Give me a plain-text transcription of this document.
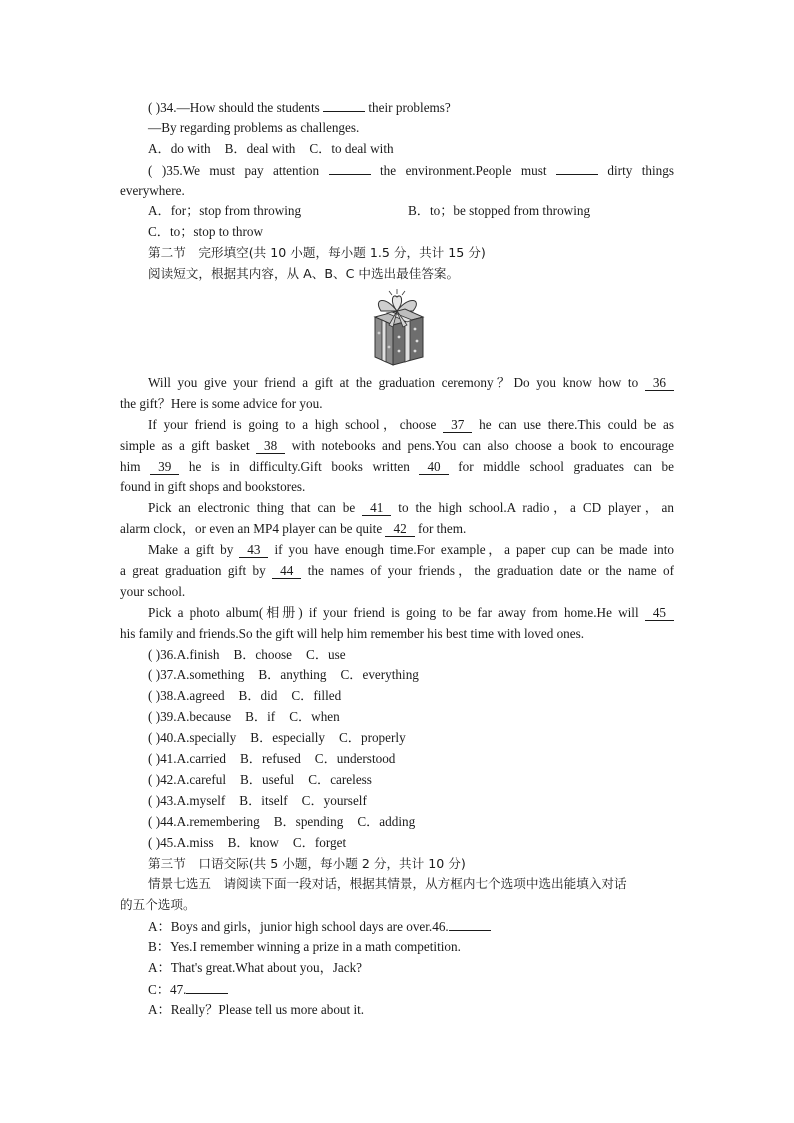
( )34.—How should the students	their problems?
—By regarding problems as challenges.
A．do with B．deal with C．to deal with
( )35.We must pay attention	the environment.People must	dirty things
everywhere.
A．for；stop from throwing	B．to；be stopped from throwing
C．to；stop to throw
第二节　完形填空(共 10 小题，每小题 1.5 分，共计 15 分)
阅读短文，根据其内容，从 A、B、C 中选出最佳答案。
Will you give your friend a gift at the graduation ceremony？Do you know how to 36
the gift？Here is some advice for you.
If your friend is going to a high school，choose 37 he can use there.This could be as
simple as a gift basket 38 with notebooks and pens.You can also choose a book to encourage
him 39 he is in difficulty.Gift books written 40 for middle school graduates can be
found in gift shops and bookstores.
Pick an electronic thing that can be 41 to the high school.A radio，a CD player，an
alarm clock，or even an MP4 player can be quite 42 for them.
Make a gift by 43 if you have enough time.For example，a paper cup can be made into
a great graduation gift by 44 the names of your friends，the graduation date or the name of
your school.
Pick a photo album(相册) if your friend is going to be far away from home.He will 45
his family and friends.So the gift will help him remember his best time with loved ones.
( )36.A.finish B．choose C．use
( )37.A.something B．anything C．everything
( )38.A.agreed B．did C．filled
( )39.A.because B．if C．when
( )40.A.specially B．especially C．properly
( )41.A.carried B．refused C．understood
( )42.A.careful B．useful C．careless
( )43.A.myself B．itself C．yourself
( )44.A.remembering B．spending C．adding
( )45.A.miss B．know C．forget
第三节　口语交际(共 5 小题，每小题 2 分，共计 10 分)
情景七选五　请阅读下面一段对话，根据其情景，从方框内七个选项中选出能填入对话
的五个选项。
A：Boys and girls，junior high school days are over.46.
B：Yes.I remember winning a prize in a math competition.
A：That's great.What about you，Jack?
C：47.
A：Really？Please tell us more about it.
